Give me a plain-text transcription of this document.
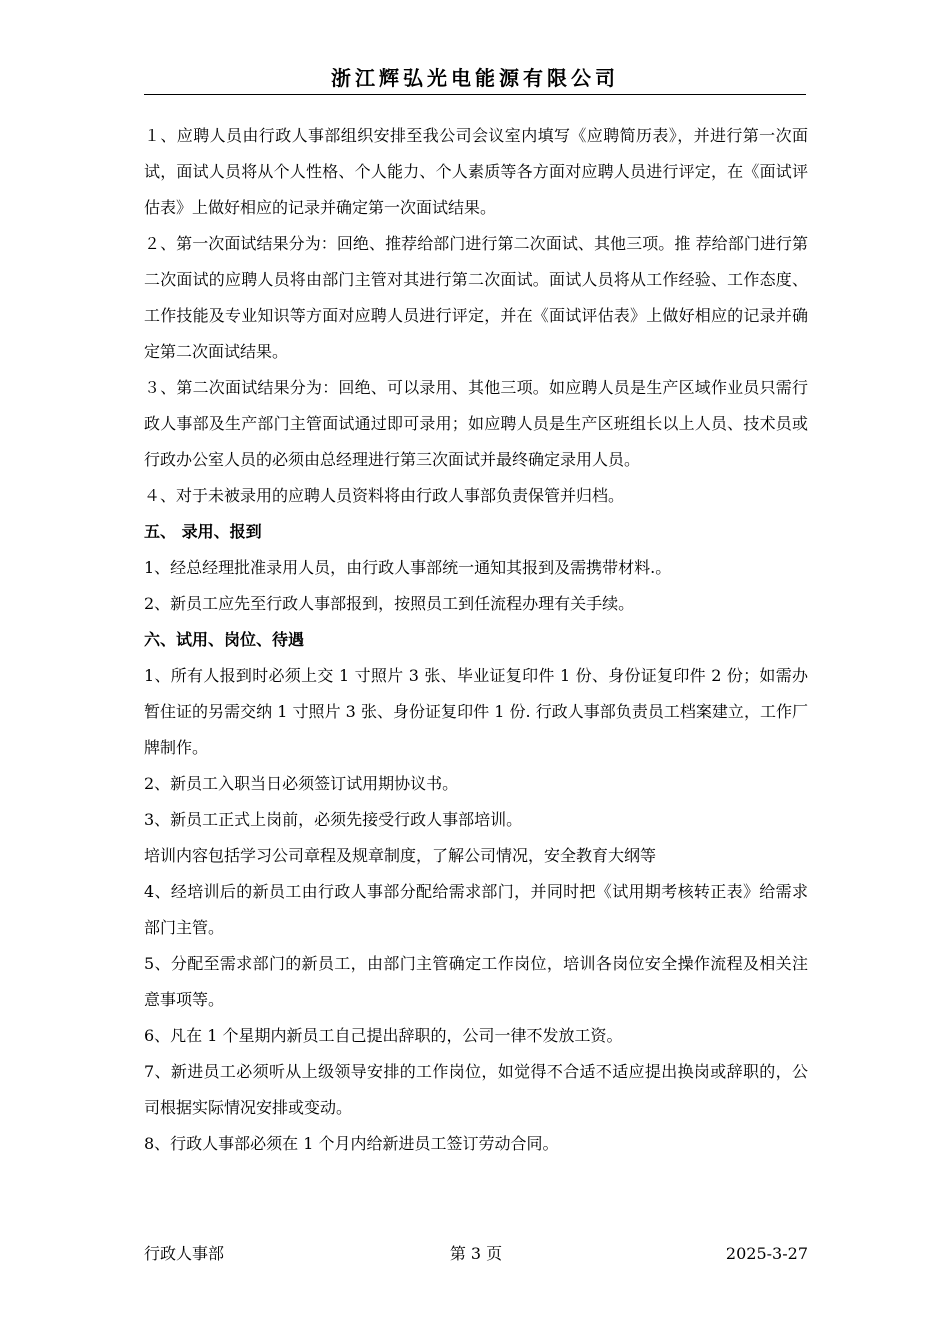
浙江辉弘光电能源有限公司

１、应聘人员由行政人事部组织安排至我公司会议室内填写《应聘简历表》，并进行第一次面试，面试人员将从个人性格、个人能力、个人素质等各方面对应聘人员进行评定，在《面试评估表》上做好相应的记录并确定第一次面试结果。

２、第一次面试结果分为：回绝、推荐给部门进行第二次面试、其他三项。推 荐给部门进行第二次面试的应聘人员将由部门主管对其进行第二次面试。面试人员将从工作经验、工作态度、工作技能及专业知识等方面对应聘人员进行评定，并在《面试评估表》上做好相应的记录并确定第二次面试结果。

３、第二次面试结果分为：回绝、可以录用、其他三项。如应聘人员是生产区域作业员只需行政人事部及生产部门主管面试通过即可录用；如应聘人员是生产区班组长以上人员、技术员或行政办公室人员的必须由总经理进行第三次面试并最终确定录用人员。

４、对于未被录用的应聘人员资料将由行政人事部负责保管并归档。

五、 录用、报到

1、经总经理批准录用人员，由行政人事部统一通知其报到及需携带材料.。

2、新员工应先至行政人事部报到，按照员工到任流程办理有关手续。

六、试用、岗位、待遇

1、所有人报到时必须上交 1 寸照片 3 张、毕业证复印件 1 份、身份证复印件 2 份；如需办暂住证的另需交纳 1 寸照片 3 张、身份证复印件 1 份. 行政人事部负责员工档案建立，工作厂牌制作。

2、新员工入职当日必须签订试用期协议书。

3、新员工正式上岗前，必须先接受行政人事部培训。

培训内容包括学习公司章程及规章制度，了解公司情况，安全教育大纲等

4、经培训后的新员工由行政人事部分配给需求部门，并同时把《试用期考核转正表》给需求部门主管。

5、分配至需求部门的新员工，由部门主管确定工作岗位，培训各岗位安全操作流程及相关注意事项等。

6、凡在 1 个星期内新员工自己提出辞职的，公司一律不发放工资。

7、新进员工必须听从上级领导安排的工作岗位，如觉得不合适不适应提出换岗或辞职的，公司根据实际情况安排或变动。

8、行政人事部必须在 1 个月内给新进员工签订劳动合同。

行政人事部	第 3 页	2025-3-27
